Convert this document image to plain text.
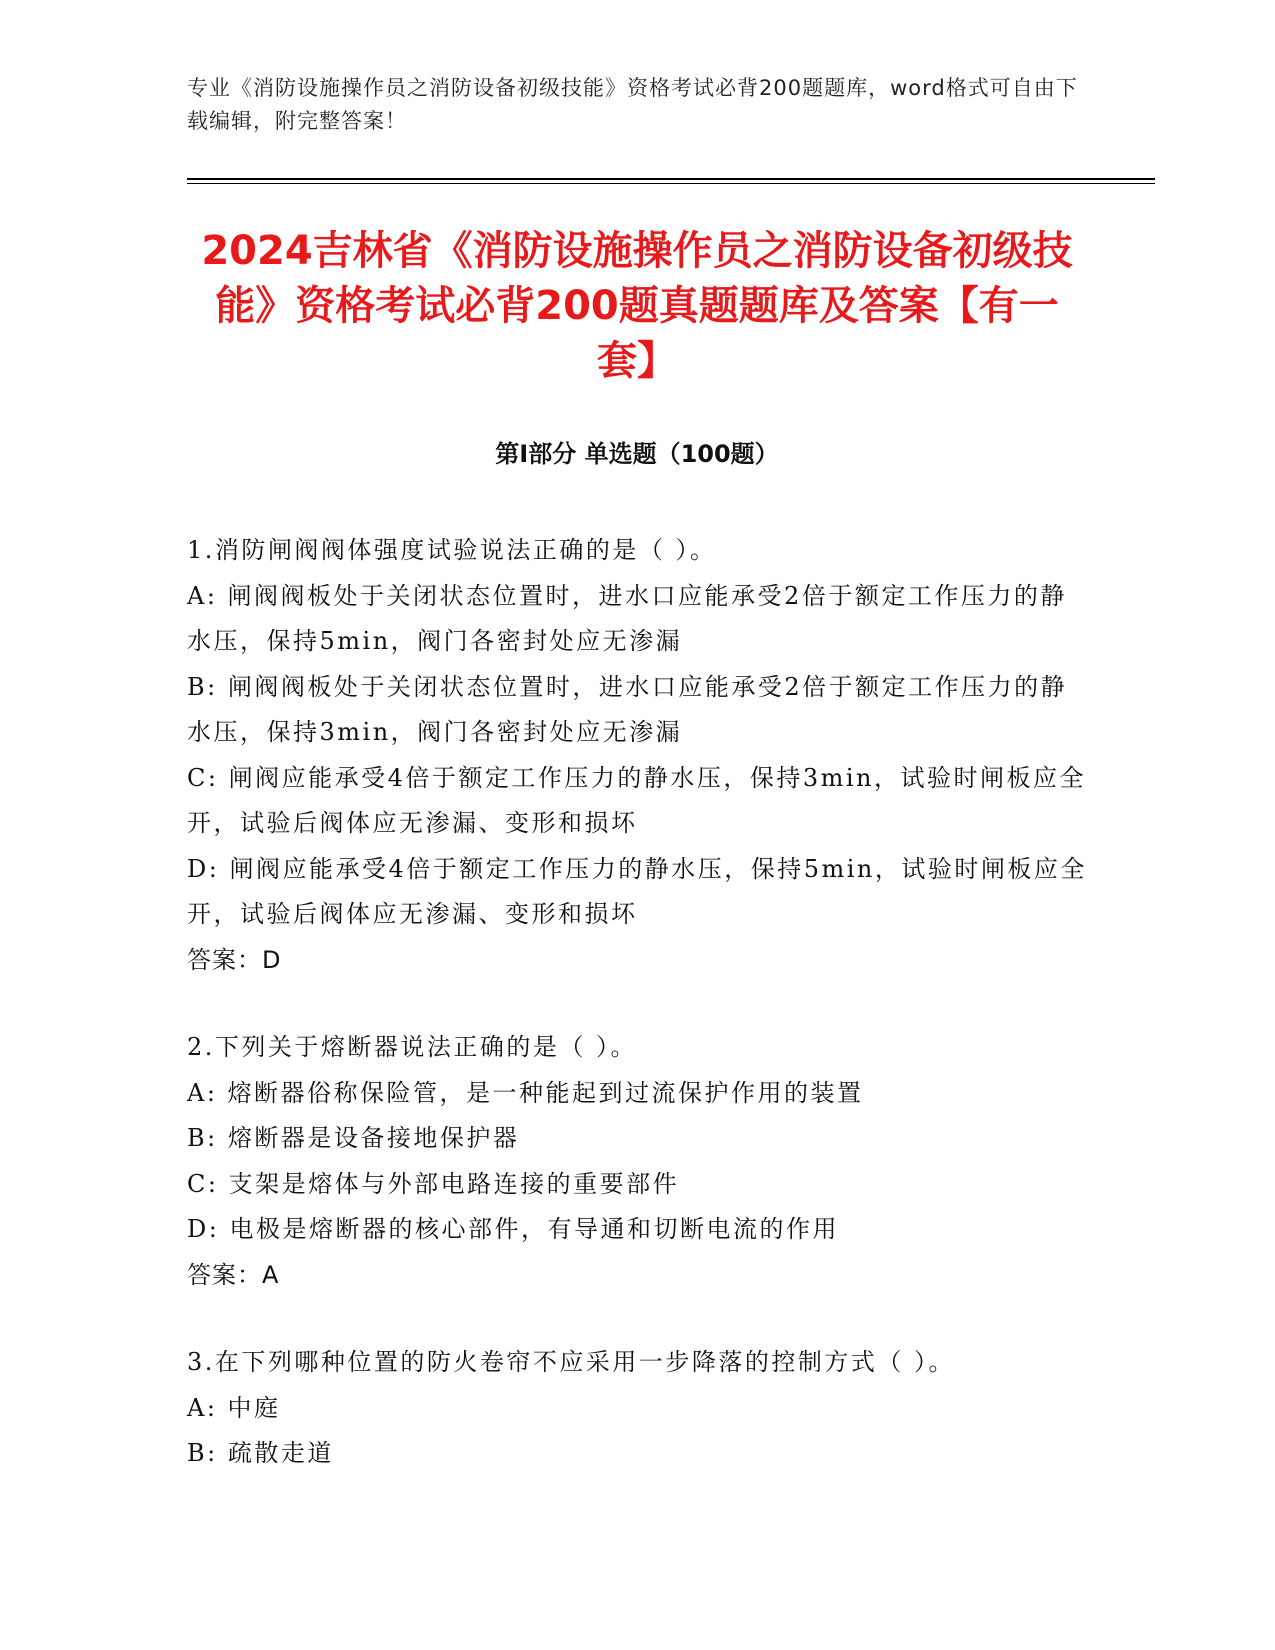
专业《消防设施操作员之消防设备初级技能》资格考试必背200题题库，word格式可自由下载编辑，附完整答案！
2024吉林省《消防设施操作员之消防设备初级技能》资格考试必背200题真题题库及答案【有一套】
第I部分 单选题（100题）
1.消防闸阀阀体强度试验说法正确的是（ ）。
A: 闸阀阀板处于关闭状态位置时，进水口应能承受2倍于额定工作压力的静水压，保持5min，阀门各密封处应无渗漏
B: 闸阀阀板处于关闭状态位置时，进水口应能承受2倍于额定工作压力的静水压，保持3min，阀门各密封处应无渗漏
C: 闸阀应能承受4倍于额定工作压力的静水压，保持3min，试验时闸板应全开，试验后阀体应无渗漏、变形和损坏
D: 闸阀应能承受4倍于额定工作压力的静水压，保持5min，试验时闸板应全开，试验后阀体应无渗漏、变形和损坏
答案：D
2.下列关于熔断器说法正确的是（ ）。
A: 熔断器俗称保险管，是一种能起到过流保护作用的装置
B: 熔断器是设备接地保护器
C: 支架是熔体与外部电路连接的重要部件
D: 电极是熔断器的核心部件，有导通和切断电流的作用
答案：A
3.在下列哪种位置的防火卷帘不应采用一步降落的控制方式（ ）。
A: 中庭
B: 疏散走道
